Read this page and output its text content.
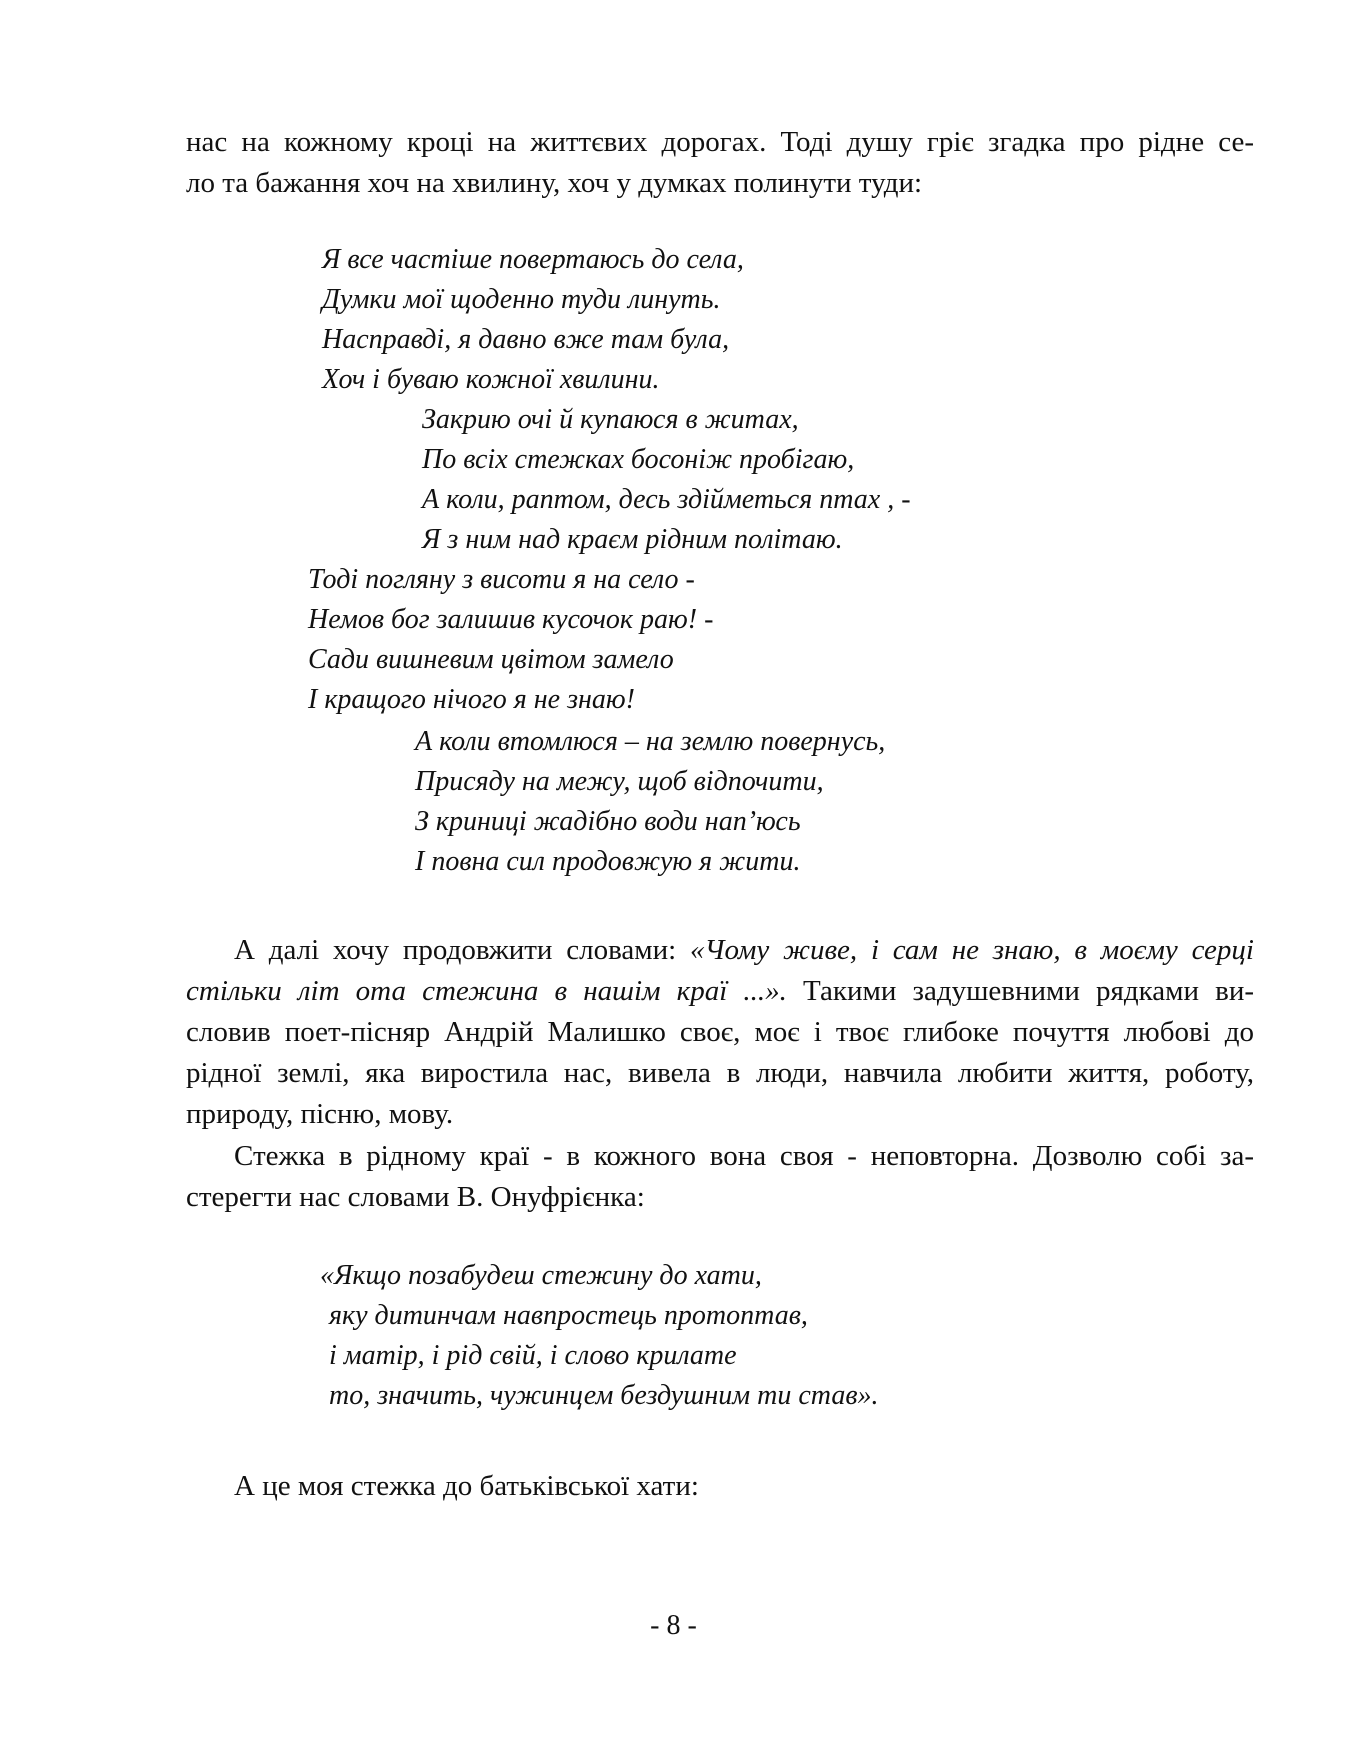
нас на кожному кроці на життєвих дорогах. Тоді душу гріє згадка про рідне се-
ло та бажання хоч на хвилину, хоч у думках полинути туди:

Я все частіше повертаюсь до села,

Думки мої щоденно туди линуть.

Насправді, я давно вже там була,

Хоч і буваю кожної хвилини.

Закрию очі й купаюся в житах,

По всіх стежках босоніж пробігаю,

А коли, раптом, десь здійметься птах , -

Я з ним над краєм рідним політаю.

Тоді погляну з висоти я на село -

Немов бог залишив кусочок раю! -

Сади вишневим цвітом замело

І кращого нічого я не знаю!

А коли втомлюся – на землю повернусь,

Присяду на межу, щоб відпочити,

З криниці жадібно води нап’юсь

І повна сил продовжую я жити.

А далі хочу продовжити словами: «Чому живе, і сам не знаю, в моєму серці
стільки літ ота стежина в нашім краї ...». Такими задушевними рядками ви-
словив поет-пісняр Андрій Малишко своє, моє і твоє глибоке почуття любові до
рідної землі, яка виростила нас, вивела в люди, навчила любити життя, роботу,
природу, пісню, мову.

Стежка в рідному краї - в кожного вона своя - неповторна. Дозволю собі за-
стерегти нас словами В. Онуфрієнка:

«Якщо позабудеш стежину до хати,

яку дитинчам навпростець протоптав,

і матір, і рід свій, і слово крилате

то, значить, чужинцем бездушним ти став».

А це моя стежка до батьківської хати:

- 8 -
